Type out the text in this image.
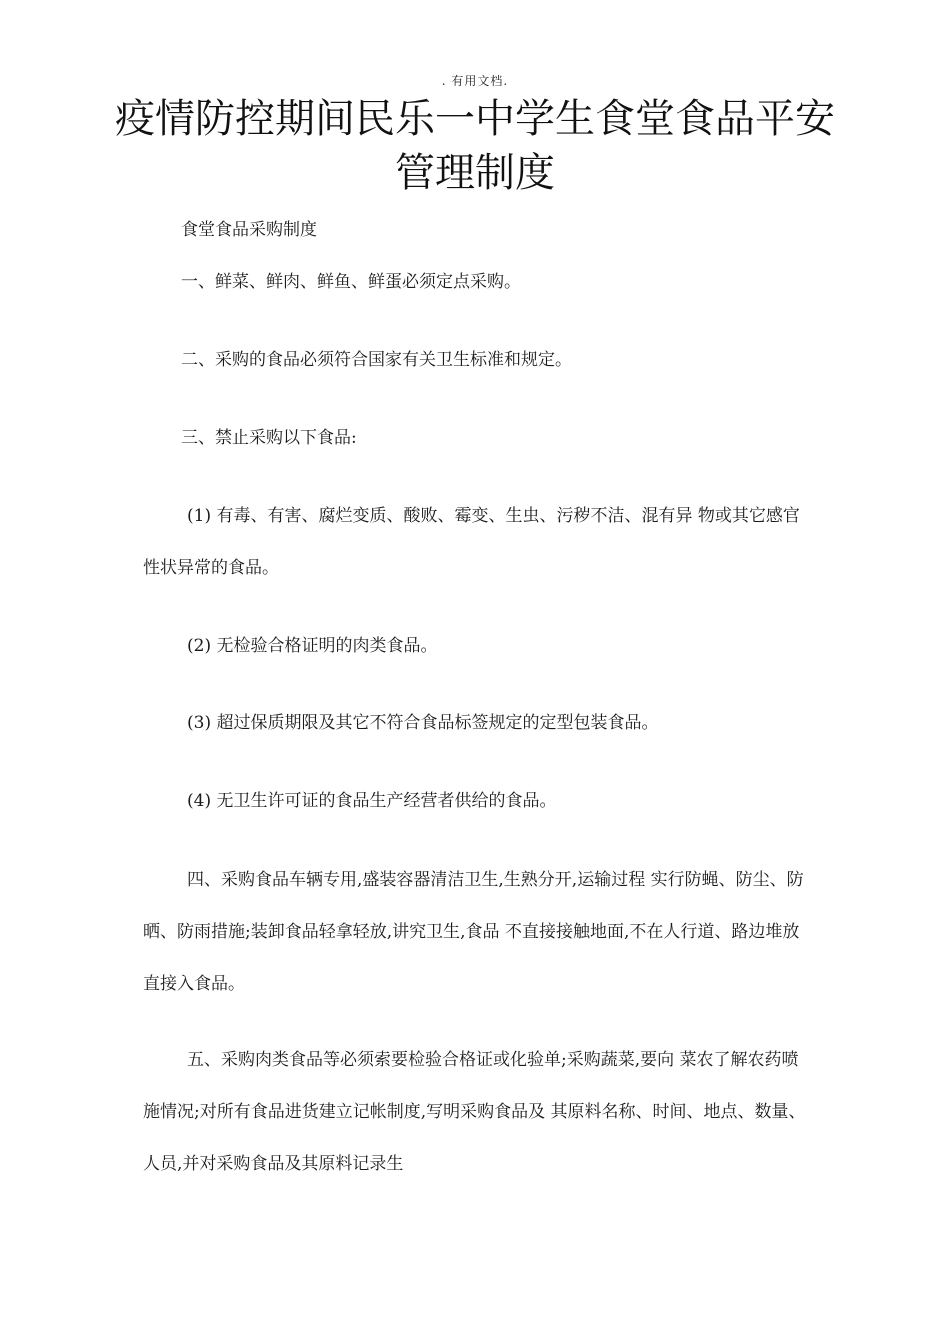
. 有用文档.
疫情防控期间民乐一中学生食堂食品平安管理制度

食堂食品采购制度

一、鲜菜、鲜肉、鲜鱼、鲜蛋必须定点采购。

二、采购的食品必须符合国家有关卫生标准和规定。

三、禁止采购以下食品:

(1) 有毒、有害、腐烂变质、酸败、霉变、生虫、污秽不洁、混有异 物或其它感官性状异常的食品。

(2) 无检验合格证明的肉类食品。

(3) 超过保质期限及其它不符合食品标签规定的定型包装食品。

(4) 无卫生许可证的食品生产经营者供给的食品。

四、采购食品车辆专用,盛装容器清洁卫生,生熟分开,运输过程 实行防蝇、防尘、防晒、防雨措施;装卸食品轻拿轻放,讲究卫生,食品 不直接接触地面,不在人行道、路边堆放直接入食品。

五、采购肉类食品等必须索要检验合格证或化验单;采购蔬菜,要向 菜农了解农药喷施情况;对所有食品进货建立记帐制度,写明采购食品及 其原料名称、时间、地点、数量、人员,并对采购食品及其原料记录生
